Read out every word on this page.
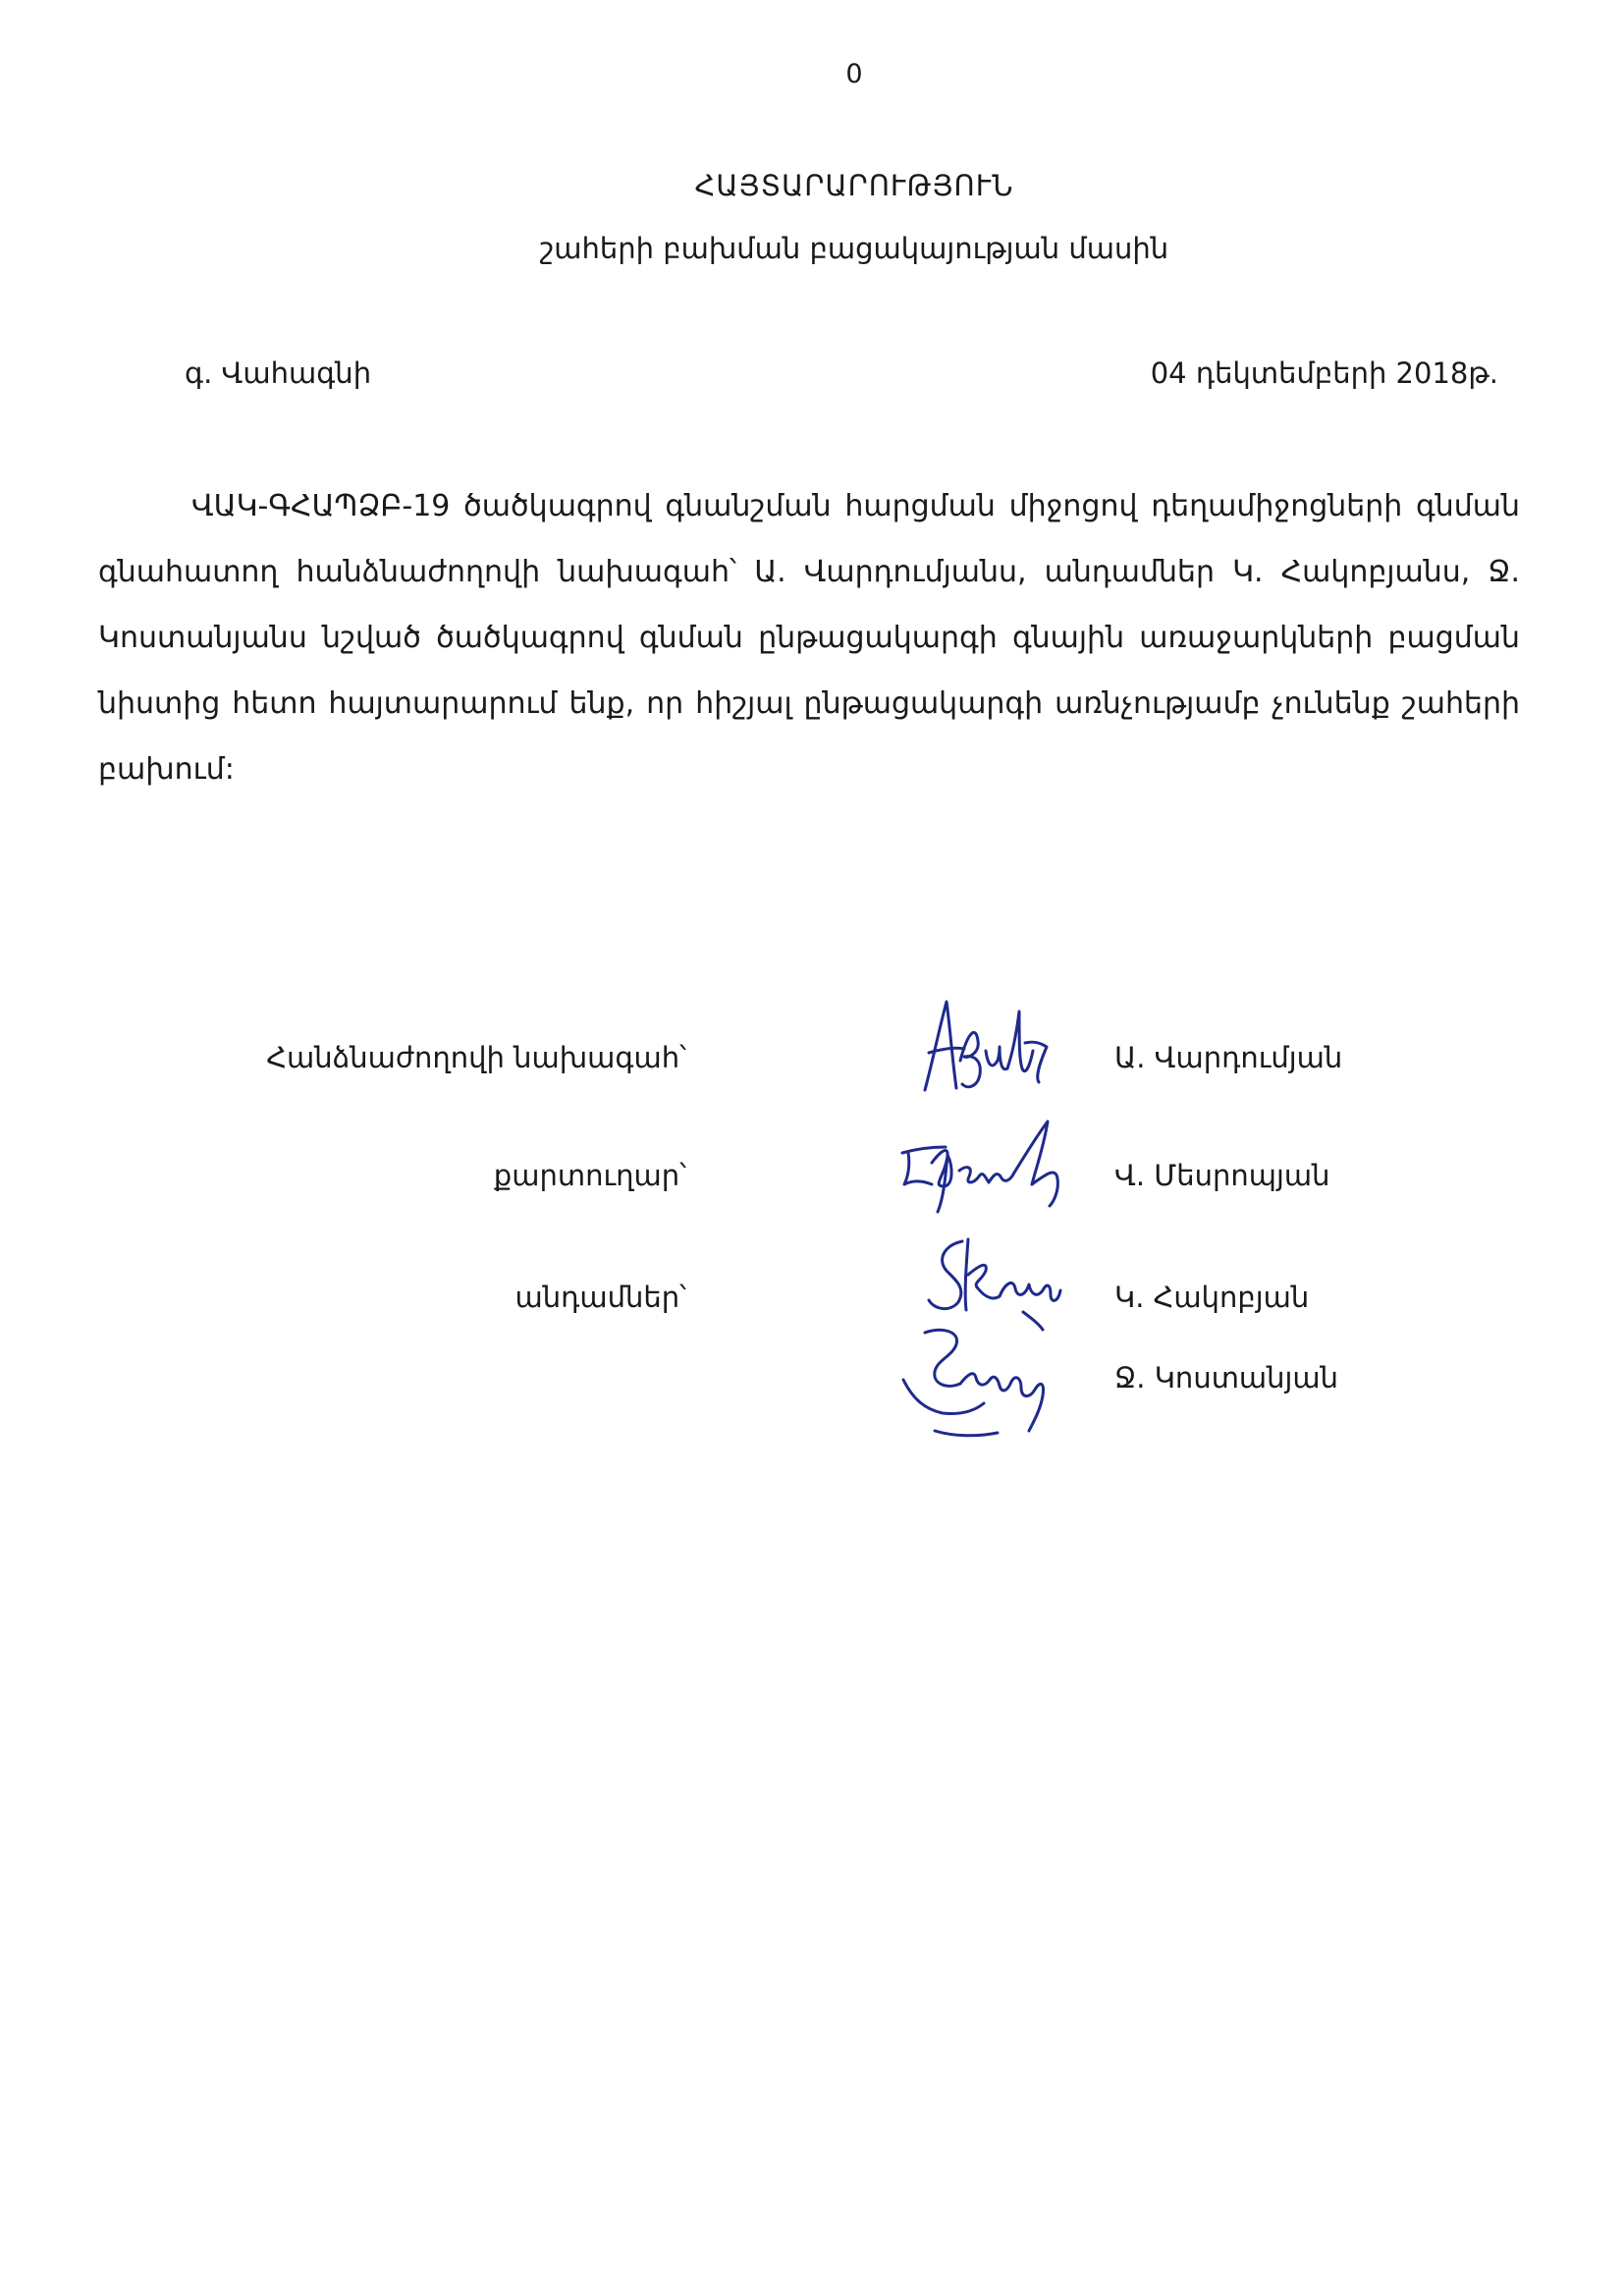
0
ՀԱՅՏԱՐԱՐՈՒԹՅՈՒՆ
շահերի բախման բացակայության մասին
գ. Վահագնի	04 դեկտեմբերի 2018թ.

ՎԱԿ-ԳՀԱՊՁԲ-19 ծածկագրով գնանշման հարցման միջոցով դեղամիջոցների գնման գնահատող հանձնաժողովի նախագահ՝ Ա. Վարդումյանս, անդամներ Կ. Հակոբյանս, Ջ. Կոստանյանս նշված ծածկագրով գնման ընթացակարգի գնային առաջարկների բացման նիստից հետո հայտարարում ենք, որ հիշյալ ընթացակարգի առնչությամբ չունենք շահերի բախում:

Հանձնաժողովի նախագահ՝	Ա. Վարդումյան
քարտուղար՝	Վ. Մեսրոպյան
անդամներ՝	Կ. Հակոբյան
Ջ. Կոստանյան
